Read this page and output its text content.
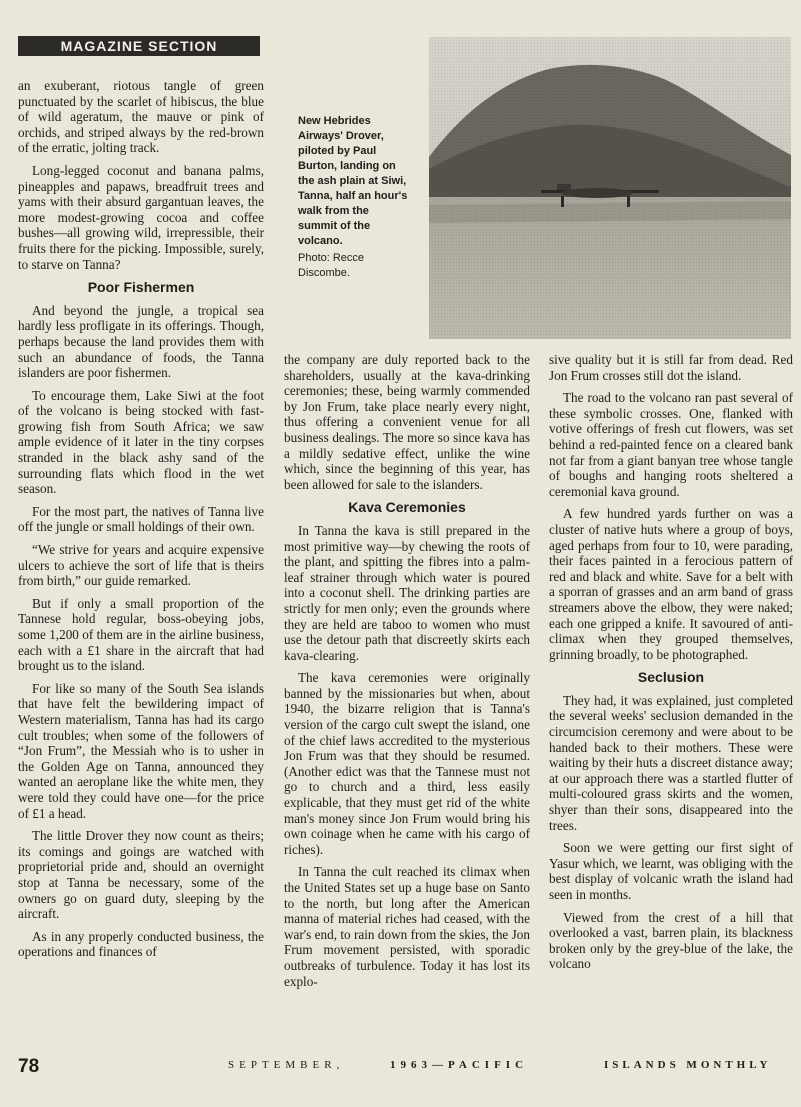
MAGAZINE SECTION

an exuberant, riotous tangle of green punctuated by the scarlet of hibiscus, the blue of wild ageratum, the mauve or pink of orchids, and striped always by the red-brown of the erratic, jolting track.

Long-legged coconut and banana palms, pineapples and papaws, breadfruit trees and yams with their absurd gargantuan leaves, the more modest-growing cocoa and coffee bushes—all growing wild, irrepressible, their fruits there for the picking. Impossible, surely, to starve on Tanna?

Poor Fishermen

And beyond the jungle, a tropical sea hardly less profligate in its offerings. Though, perhaps because the land provides them with such an abundance of foods, the Tanna islanders are poor fishermen.

To encourage them, Lake Siwi at the foot of the volcano is being stocked with fast-growing fish from South Africa; we saw ample evidence of it later in the tiny corpses stranded in the black ashy sand of the surrounding flats which flood in the wet season.

For the most part, the natives of Tanna live off the jungle or small holdings of their own.

“We strive for years and acquire expensive ulcers to achieve the sort of life that is theirs from birth,” our guide remarked.

But if only a small proportion of the Tannese hold regular, boss-obeying jobs, some 1,200 of them are in the airline business, each with a £1 share in the aircraft that had brought us to the island.

For like so many of the South Sea islands that have felt the bewildering impact of Western materialism, Tanna has had its cargo cult troubles; when some of the followers of “Jon Frum”, the Messiah who is to usher in the Golden Age on Tanna, announced they wanted an aeroplane like the white men, they were told they could have one—for the price of £1 a head.

The little Drover they now count as theirs; its comings and goings are watched with proprietorial pride and, should an overnight stop at Tanna be necessary, some of the owners go on guard duty, sleeping by the aircraft.

As in any properly conducted business, the operations and finances of

New Hebrides Airways' Drover, piloted by Paul Burton, landing on the ash plain at Siwi, Tanna, half an hour's walk from the summit of the volcano.
Photo: Recce Discombe.

the company are duly reported back to the shareholders, usually at the kava-drinking ceremonies; these, being warmly commended by Jon Frum, take place nearly every night, thus offering a convenient venue for all business dealings. The more so since kava has a mildly sedative effect, unlike the wine which, since the beginning of this year, has been allowed for sale to the islanders.

Kava Ceremonies

In Tanna the kava is still prepared in the most primitive way—by chewing the roots of the plant, and spitting the fibres into a palm-leaf strainer through which water is poured into a coconut shell. The drinking parties are strictly for men only; even the grounds where they are held are taboo to women who must use the detour path that discreetly skirts each kava-clearing.

The kava ceremonies were originally banned by the missionaries but when, about 1940, the bizarre religion that is Tanna's version of the cargo cult swept the island, one of the chief laws accredited to the mysterious Jon Frum was that they should be resumed. (Another edict was that the Tannese must not go to church and a third, less easily explicable, that they must get rid of the white man's money since Jon Frum would bring his own coinage when he came with his cargo of riches).

In Tanna the cult reached its climax when the United States set up a huge base on Santo to the north, but long after the American manna of material riches had ceased, with the war's end, to rain down from the skies, the Jon Frum movement persisted, with sporadic outbreaks of turbulence. Today it has lost its explo-

sive quality but it is still far from dead. Red Jon Frum crosses still dot the island.

The road to the volcano ran past several of these symbolic crosses. One, flanked with votive offerings of fresh cut flowers, was set behind a red-painted fence on a cleared bank not far from a giant banyan tree whose tangle of boughs and hanging roots sheltered a ceremonial kava ground.

A few hundred yards further on was a cluster of native huts where a group of boys, aged perhaps from four to 10, were parading, their faces painted in a ferocious pattern of red and black and white. Save for a belt with a sporran of grasses and an arm band of grass streamers above the elbow, they were naked; each one gripped a knife. It savoured of anti-climax when they grouped themselves, grinning broadly, to be photographed.

Seclusion

They had, it was explained, just completed the several weeks' seclusion demanded in the circumcision ceremony and were about to be handed back to their mothers. These were waiting by their huts a discreet distance away; at our approach there was a startled flutter of multi-coloured grass skirts and the women, shyer than their sons, disappeared into the trees.

Soon we were getting our first sight of Yasur which, we learnt, was obliging with the best display of volcanic wrath the island had seen in months.

Viewed from the crest of a hill that overlooked a vast, barren plain, its blackness broken only by the grey-blue of the lake, the volcano

78	SEPTEMBER,	1963—PACIFIC	ISLANDS MONTHLY
